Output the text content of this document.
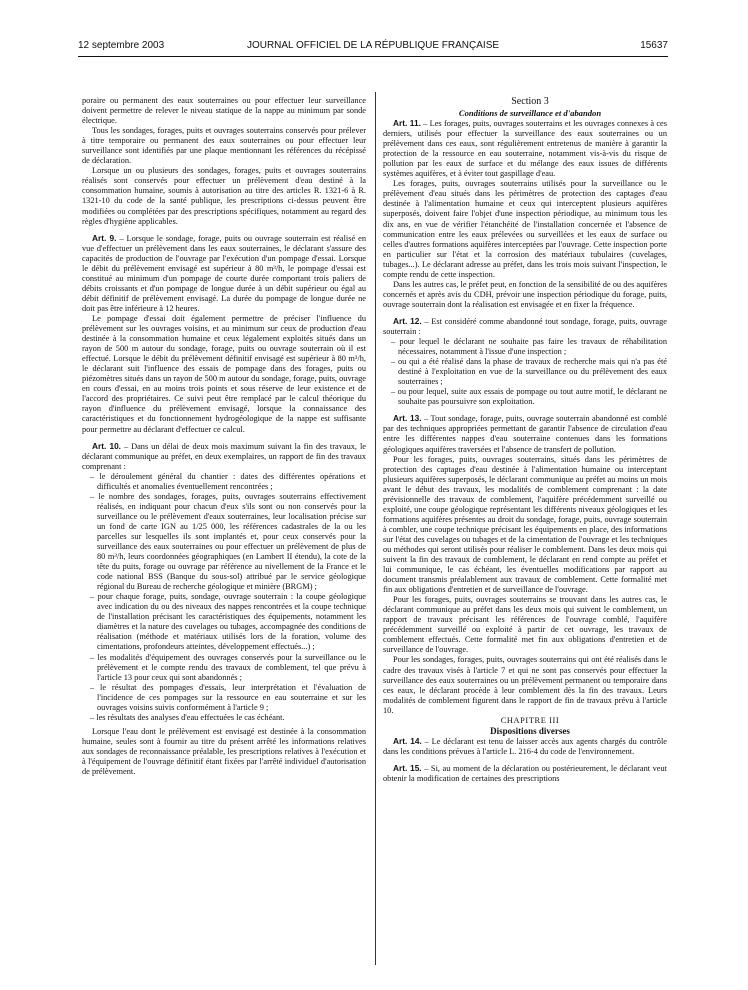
12 septembre 2003	JOURNAL OFFICIEL DE LA RÉPUBLIQUE FRANÇAISE	15637

poraire ou permanent des eaux souterraines ou pour effectuer leur surveillance doivent permettre de relever le niveau statique de la nappe au minimum par sonde électrique.

Tous les sondages, forages, puits et ouvrages souterrains conservés pour prélever à titre temporaire ou permanent des eaux souterraines ou pour effectuer leur surveillance sont identifiés par une plaque mentionnant les références du récépissé de déclaration.

Lorsque un ou plusieurs des sondages, forages, puits et ouvrages souterrains réalisés sont conservés pour effectuer un prélèvement d'eau destiné à la consommation humaine, soumis à autorisation au titre des articles R. 1321-6 à R. 1321-10 du code de la santé publique, les prescriptions ci-dessus peuvent être modifiées ou complétées par des prescriptions spécifiques, notamment au regard des règles d'hygiène applicables.

Art. 9. – Lorsque le sondage, forage, puits ou ouvrage souterrain est réalisé en vue d'effectuer un prélèvement dans les eaux souterraines, le déclarant s'assure des capacités de production de l'ouvrage par l'exécution d'un pompage d'essai. Lorsque le débit du prélèvement envisagé est supérieur à 80 m³/h, le pompage d'essai est constitué au minimum d'un pompage de courte durée comportant trois paliers de débits croissants et d'un pompage de longue durée à un débit supérieur ou égal au débit définitif de prélèvement envisagé. La durée du pompage de longue durée ne doit pas être inférieure à 12 heures.

Le pompage d'essai doit également permettre de préciser l'influence du prélèvement sur les ouvrages voisins, et au minimum sur ceux de production d'eau destinée à la consommation humaine et ceux légalement exploités situés dans un rayon de 500 m autour du sondage, forage, puits ou ouvrage souterrain où il est effectué. Lorsque le débit du prélèvement définitif envisagé est supérieur à 80 m³/h, le déclarant suit l'influence des essais de pompage dans des forages, puits ou piézomètres situés dans un rayon de 500 m autour du sondage, forage, puits, ouvrage en cours d'essai, en au moins trois points et sous réserve de leur existence et de l'accord des propriétaires. Ce suivi peut être remplacé par le calcul théorique du rayon d'influence du prélèvement envisagé, lorsque la connaissance des caractéristiques et du fonctionnement hydrogéologique de la nappe est suffisante pour permettre au déclarant d'effectuer ce calcul.

Art. 10. – Dans un délai de deux mois maximum suivant la fin des travaux, le déclarant communique au préfet, en deux exemplaires, un rapport de fin des travaux comprenant :

– le déroulement général du chantier : dates des différentes opérations et difficultés et anomalies éventuellement rencontrées ;
– le nombre des sondages, forages, puits, ouvrages souterrains effectivement réalisés, en indiquant pour chacun d'eux s'ils sont ou non conservés pour la surveillance ou le prélèvement d'eaux souterraines, leur localisation précise sur un fond de carte IGN au 1/25 000, les références cadastrales de la ou les parcelles sur lesquelles ils sont implantés et, pour ceux conservés pour la surveillance des eaux souterraines ou pour effectuer un prélèvement de plus de 80 m³/h, leurs coordonnées géographiques (en Lambert II étendu), la cote de la tête du puits, forage ou ouvrage par référence au nivellement de la France et le code national BSS (Banque du sous-sol) attribué par le service géologique régional du Bureau de recherche géologique et minière (BRGM) ;
– pour chaque forage, puits, sondage, ouvrage souterrain : la coupe géologique avec indication du ou des niveaux des nappes rencontrées et la coupe technique de l'installation précisant les caractéristiques des équipements, notamment les diamètres et la nature des cuvelages ou tubages, accompagnée des conditions de réalisation (méthode et matériaux utilisés lors de la foration, volume des cimentations, profondeurs atteintes, développement effectués...) ;
– les modalités d'équipement des ouvrages conservés pour la surveillance ou le prélèvement et le compte rendu des travaux de comblement, tel que prévu à l'article 13 pour ceux qui sont abandonnés ;
– le résultat des pompages d'essais, leur interprétation et l'évaluation de l'incidence de ces pompages sur la ressource en eau souterraine et sur les ouvrages voisins suivis conformément à l'article 9 ;
– les résultats des analyses d'eau effectuées le cas échéant.

Lorsque l'eau dont le prélèvement est envisagé est destinée à la consommation humaine, seules sont à fournir au titre du présent arrêté les informations relatives aux sondages de reconnaissance préalable, les prescriptions relatives à l'exécution et à l'équipement de l'ouvrage définitif étant fixées par l'arrêté individuel d'autorisation de prélèvement.

Section 3

Conditions de surveillance et d'abandon

Art. 11. – Les forages, puits, ouvrages souterrains et les ouvrages connexes à ces derniers, utilisés pour effectuer la surveillance des eaux souterraines ou un prélèvement dans ces eaux, sont régulièrement entretenus de manière à garantir la protection de la ressource en eau souterraine, notamment vis-à-vis du risque de pollution par les eaux de surface et du mélange des eaux issues de différents systèmes aquifères, et à éviter tout gaspillage d'eau.

Les forages, puits, ouvrages souterrains utilisés pour la surveillance ou le prélèvement d'eau situés dans les périmètres de protection des captages d'eau destinée à l'alimentation humaine et ceux qui interceptent plusieurs aquifères superposés, doivent faire l'objet d'une inspection périodique, au minimum tous les dix ans, en vue de vérifier l'étanchéité de l'installation concernée et l'absence de communication entre les eaux prélevées ou surveillées et les eaux de surface ou celles d'autres formations aquifères interceptées par l'ouvrage. Cette inspection porte en particulier sur l'état et la corrosion des matériaux tubulaires (cuvelages, tubages...). Le déclarant adresse au préfet, dans les trois mois suivant l'inspection, le compte rendu de cette inspection.

Dans les autres cas, le préfet peut, en fonction de la sensibilité de ou des aquifères concernés et après avis du CDH, prévoir une inspection périodique du forage, puits, ouvrage souterrain dont la réalisation est envisagée et en fixer la fréquence.

Art. 12. – Est considéré comme abandonné tout sondage, forage, puits, ouvrage souterrain :

– pour lequel le déclarant ne souhaite pas faire les travaux de réhabilitation nécessaires, notamment à l'issue d'une inspection ;
– ou qui a été réalisé dans la phase de travaux de recherche mais qui n'a pas été destiné à l'exploitation en vue de la surveillance ou du prélèvement des eaux souterraines ;
– ou pour lequel, suite aux essais de pompage ou tout autre motif, le déclarant ne souhaite pas poursuivre son exploitation.

Art. 13. – Tout sondage, forage, puits, ouvrage souterrain abandonné est comblé par des techniques appropriées permettant de garantir l'absence de circulation d'eau entre les différentes nappes d'eau souterraine contenues dans les formations géologiques aquifères traversées et l'absence de transfert de pollution.

Pour les forages, puits, ouvrages souterrains, situés dans les périmètres de protection des captages d'eau destinée à l'alimentation humaine ou interceptant plusieurs aquifères superposés, le déclarant communique au préfet au moins un mois avant le début des travaux, les modalités de comblement comprenant : la date prévisionnelle des travaux de comblement, l'aquifère précédemment surveillé ou exploité, une coupe géologique représentant les différents niveaux géologiques et les formations aquifères présentes au droit du sondage, forage, puits, ouvrage souterrain à combler, une coupe technique précisant les équipements en place, des informations sur l'état des cuvelages ou tubages et de la cimentation de l'ouvrage et les techniques ou méthodes qui seront utilisés pour réaliser le comblement. Dans les deux mois qui suivent la fin des travaux de comblement, le déclarant en rend compte au préfet et lui communique, le cas échéant, les éventuelles modifications par rapport au document transmis préalablement aux travaux de comblement. Cette formalité met fin aux obligations d'entretien et de surveillance de l'ouvrage.

Pour les forages, puits, ouvrages souterrains se trouvant dans les autres cas, le déclarant communique au préfet dans les deux mois qui suivent le comblement, un rapport de travaux précisant les références de l'ouvrage comblé, l'aquifère précédemment surveillé ou exploité à partir de cet ouvrage, les travaux de comblement effectués. Cette formalité met fin aux obligations d'entretien et de surveillance de l'ouvrage.

Pour les sondages, forages, puits, ouvrages souterrains qui ont été réalisés dans le cadre des travaux visés à l'article 7 et qui ne sont pas conservés pour effectuer la surveillance des eaux souterraines ou un prélèvement permanent ou temporaire dans ces eaux, le déclarant procède à leur comblement dès la fin des travaux. Leurs modalités de comblement figurent dans le rapport de fin de travaux prévu à l'article 10.

CHAPITRE III

Dispositions diverses

Art. 14. – Le déclarant est tenu de laisser accès aux agents chargés du contrôle dans les conditions prévues à l'article L. 216-4 du code de l'environnement.

Art. 15. – Si, au moment de la déclaration ou postérieurement, le déclarant veut obtenir la modification de certaines des prescriptions
